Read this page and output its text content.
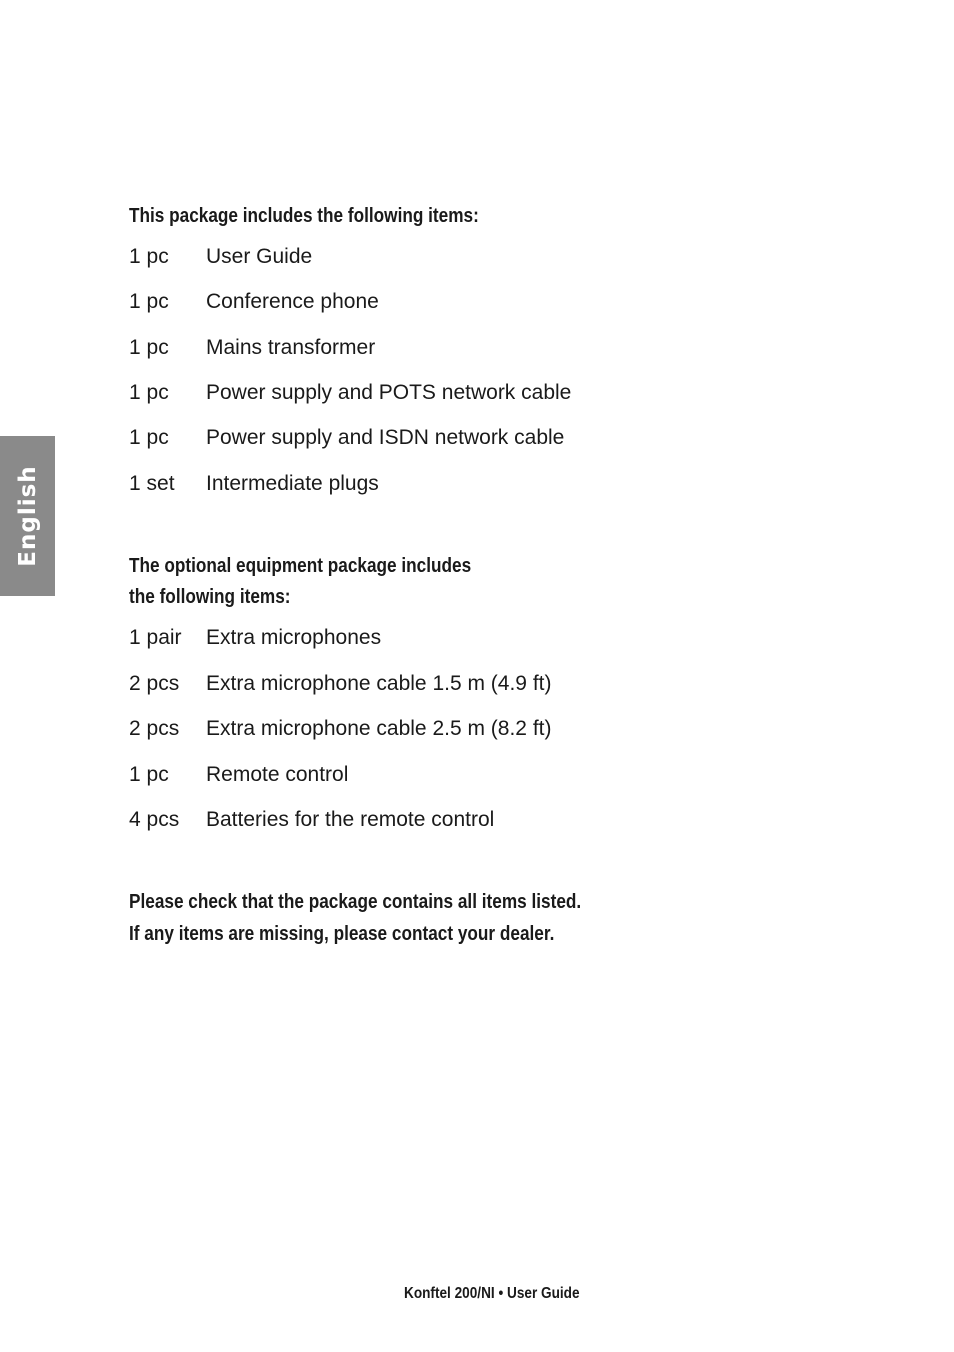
English
This package includes the following items:
1 pc User Guide
1 pc Conference phone
1 pc Mains transformer
1 pc Power supply and POTS network cable
1 pc Power supply and ISDN network cable
1 set Intermediate plugs
The optional equipment package includes
the following items:
1 pair Extra microphones
2 pcs Extra microphone cable 1.5 m (4.9 ft)
2 pcs Extra microphone cable 2.5 m (8.2 ft)
1 pc Remote control
4 pcs Batteries for the remote control
Please check that the package contains all items listed.
If any items are missing, please contact your dealer.
Konftel 200/NI • User Guide
